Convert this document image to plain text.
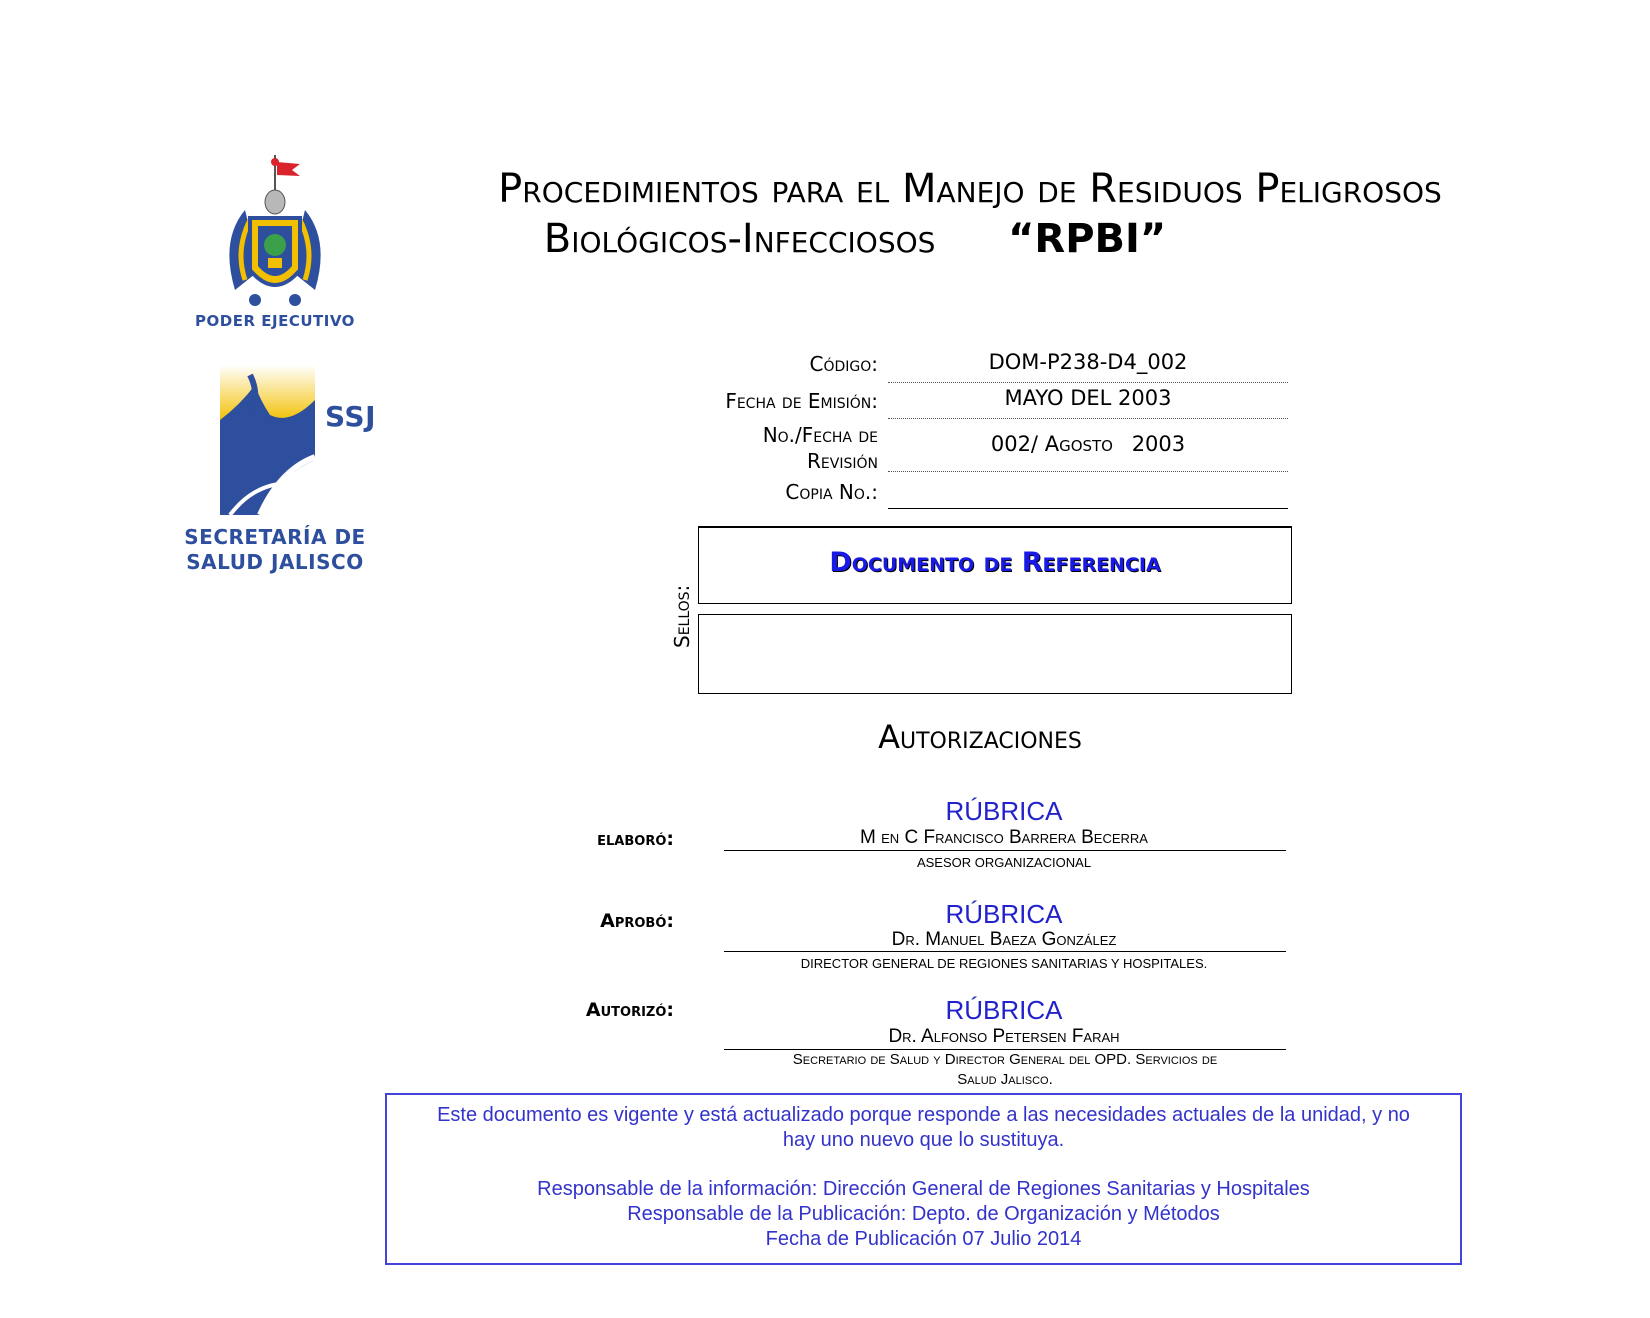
PODER EJECUTIVO
SSJ
SECRETARÍA DE
SALUD JALISCO
Procedimientos para el Manejo de Residuos Peligrosos
Biológicos-Infecciosos “RPBI”
Código:	DOM-P238-D4_002
Fecha de Emisión:	MAYO DEL 2003
No./Fecha de
Revisión
002/ Agosto 2003
Copia No.:
Sellos:
Documento de Referencia
Autorizaciones
elaboró:
RÚBRICA
M en C Francisco Barrera Becerra
ASESOR ORGANIZACIONAL
Aprobó:	RÚBRICA
Dr. Manuel Baeza González
DIRECTOR GENERAL DE REGIONES SANITARIAS Y HOSPITALES.
Autorizó:	RÚBRICA
Dr. Alfonso Petersen Farah
Secretario de Salud y Director General del OPD. Servicios de
Salud Jalisco.
Este documento es vigente y está actualizado porque responde a las necesidades actuales de la unidad, y no
hay uno nuevo que lo sustituya.
Responsable de la información: Dirección General de Regiones Sanitarias y Hospitales
Responsable de la Publicación: Depto. de Organización y Métodos
Fecha de Publicación 07 Julio 2014
